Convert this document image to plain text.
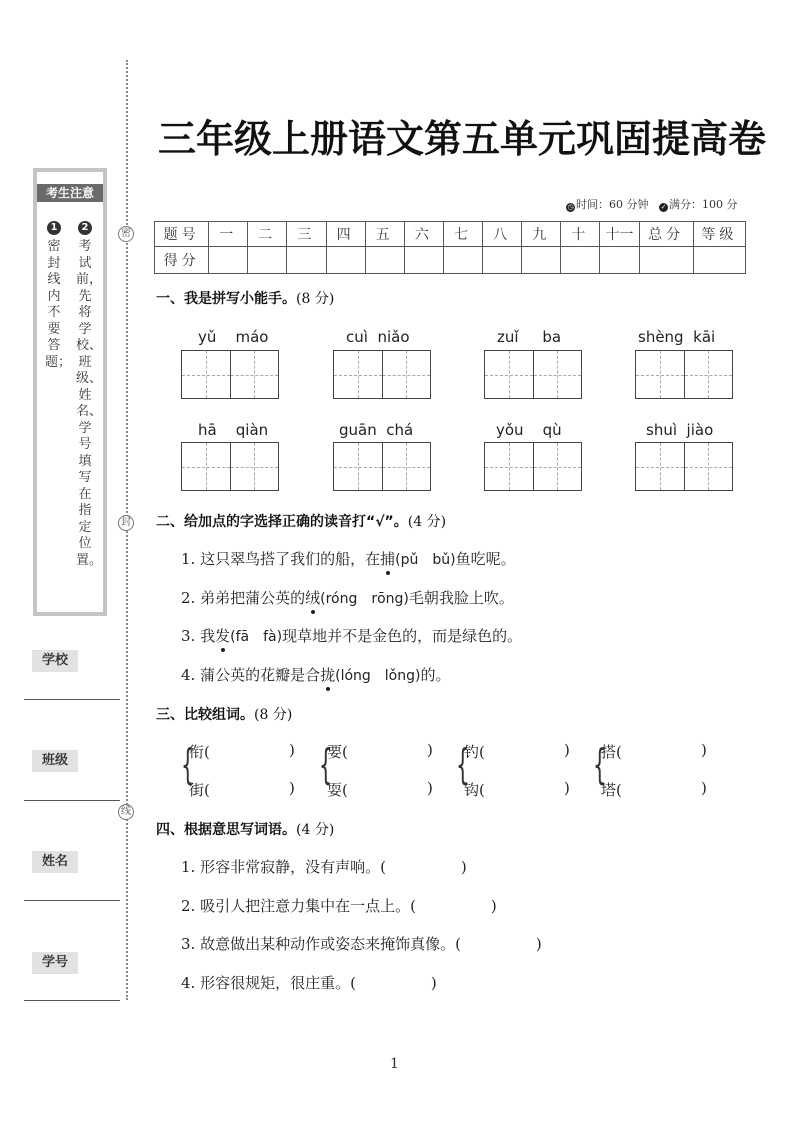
密
封
线
考生注意
1
密封线内不要答题；
2
考试前，先将学校、班级、姓名、学号填写在指定位置。
学校
班级
姓名
学号
三年级上册语文第五单元巩固提高卷
◷ 时间：60 分钟 ✓ 满分：100 分
题号	一	二	三	四	五	六	七	八	九	十	十一	总分	等级
得分													
一、我是拼写小能手。(8 分)
yǔ máo	cuì niǎo	zuǐ ba	shèng kāi
hā qiàn	guān chá	yǒu qù	shuì jiào
二、给加点的字选择正确的读音打“√”。(4 分)
1. 这只翠鸟搭了我们的船，在捕(pǔ　bǔ)鱼吃呢。
2. 弟弟把蒲公英的绒(róng　rōng)毛朝我脸上吹。
3. 我发(fā　fà)现草地并不是金色的，而是绿色的。
4. 蒲公英的花瓣是合拢(lóng　lǒng)的。
三、比较组词。(8 分)
{
衔(	)
街(	) {
要(	)
耍(	) {
钓(	)
钩(	) {
搭(	)
塔(	)
四、根据意思写词语。(4 分)
1. 形容非常寂静，没有声响。(　　　　　)
2. 吸引人把注意力集中在一点上。(　　　　　)
3. 故意做出某种动作或姿态来掩饰真像。(　　　　　)
4. 形容很规矩，很庄重。(　　　　　)
1
